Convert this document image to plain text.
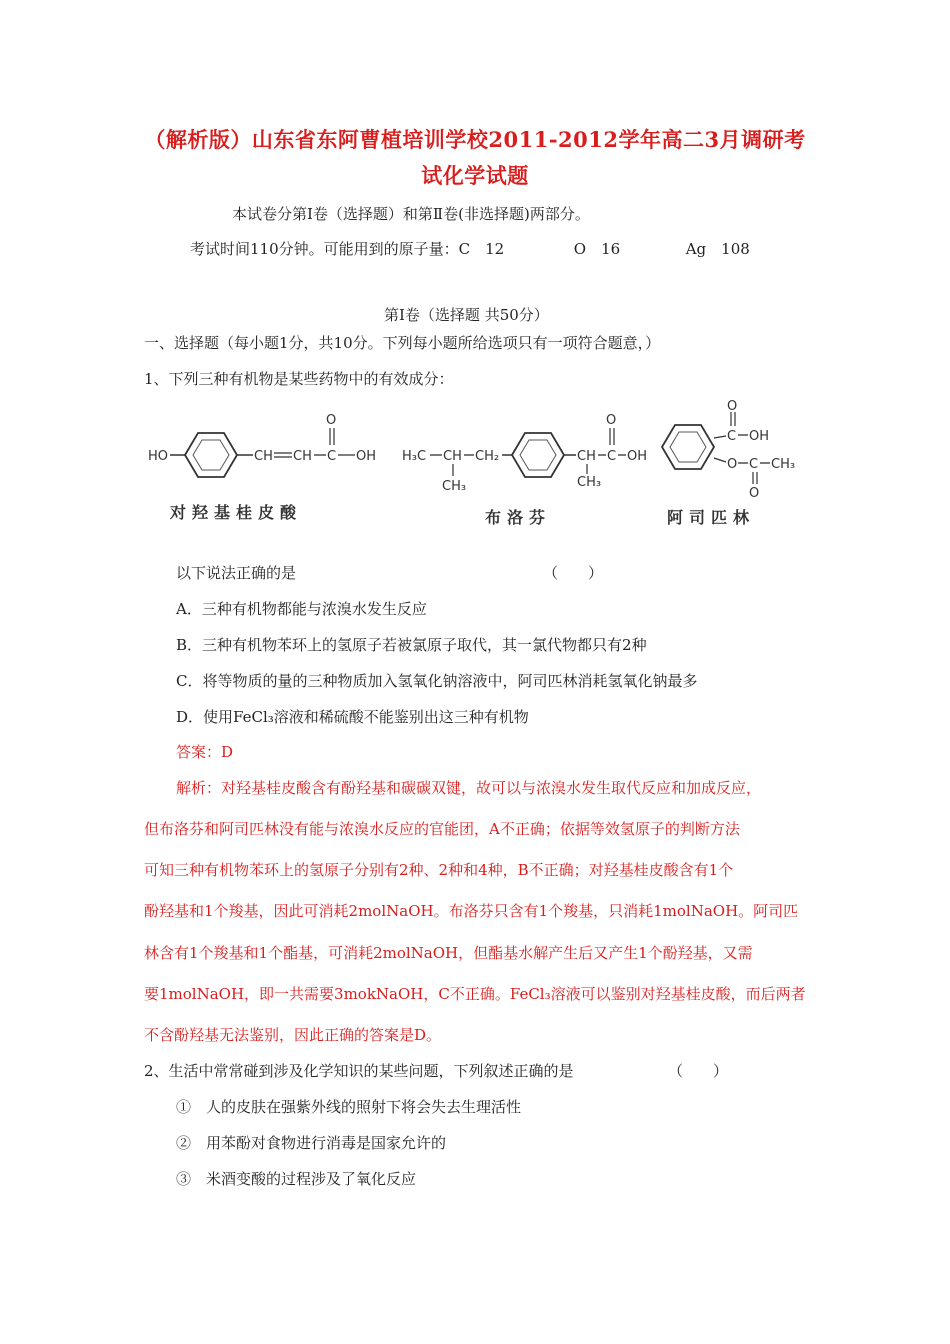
（解析版）山东省东阿曹植培训学校2011-2012学年高二3月调研考
试化学试题
本试卷分第Ⅰ卷（选择题）和第Ⅱ卷(非选择题)两部分。
考试时间110分钟。可能用到的原子量：C　12	O　16	Ag　108
第Ⅰ卷（选择题 共50分）
一、选择题（每小题1分，共10分。下列每小题所给选项只有一项符合题意，）
1、下列三种有机物是某些药物中的有效成分：
HO	CH CH C
O
OH H₃C CH CH₂
CH₃
CH
CH₃
C
O
OH
C
O
OH
O C
O
CH₃
对羟基桂皮酸	布洛芬	阿司匹林
以下说法正确的是	（　　）
A．三种有机物都能与浓溴水发生反应
B．三种有机物苯环上的氢原子若被氯原子取代，其一氯代物都只有2种
C．将等物质的量的三种物质加入氢氧化钠溶液中，阿司匹林消耗氢氧化钠最多
D．使用FeCl₃溶液和稀硫酸不能鉴别出这三种有机物
答案：D
解析：对羟基桂皮酸含有酚羟基和碳碳双键，故可以与浓溴水发生取代反应和加成反应，
但布洛芬和阿司匹林没有能与浓溴水反应的官能团，A不正确；依据等效氢原子的判断方法
可知三种有机物苯环上的氢原子分别有2种、2种和4种，B不正确；对羟基桂皮酸含有1个
酚羟基和1个羧基，因此可消耗2molNaOH。布洛芬只含有1个羧基，只消耗1molNaOH。阿司匹
林含有1个羧基和1个酯基，可消耗2molNaOH，但酯基水解产生后又产生1个酚羟基，又需
要1molNaOH，即一共需要3mokNaOH，C不正确。FeCl₃溶液可以鉴别对羟基桂皮酸，而后两者
不含酚羟基无法鉴别，因此正确的答案是D。
2、生活中常常碰到涉及化学知识的某些问题，下列叙述正确的是	（　　）
①　人的皮肤在强紫外线的照射下将会失去生理活性
②　用苯酚对食物进行消毒是国家允许的
③　米酒变酸的过程涉及了氧化反应
